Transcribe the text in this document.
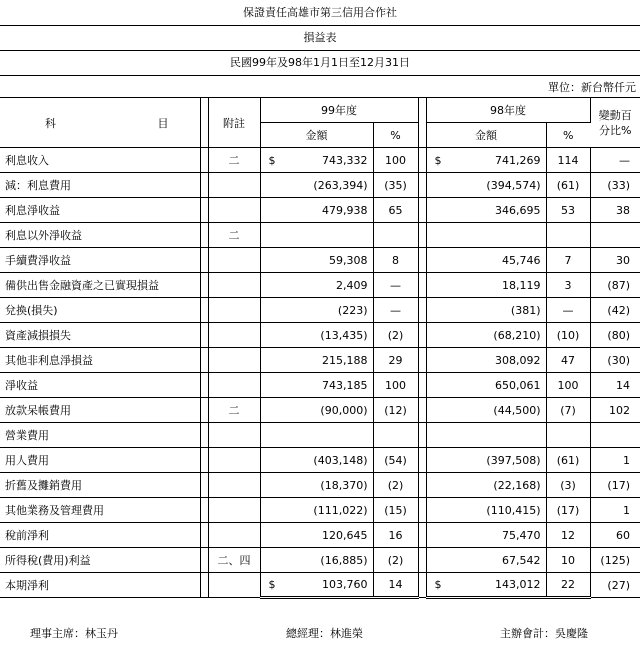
保證責任高雄市第三信用合作社
損益表
民國99年及98年1月1日至12月31日
單位：新台幣仟元
科 目		附註	99年度			98年度		變動百分比%
			金額	%		金額	%	
利息收入		二	$ 743,332	100		$ 741,269	114	—
減：利息費用			(263,394)	(35)		(394,574)	(61)	(33)
利息淨收益			479,938	65		346,695	53	38
利息以外淨收益		二						
手續費淨收益			59,308	8		45,746	7	30
備供出售金融資產之已實現損益			2,409	—		18,119	3	(87)
兌換(損失)			(223)	—		(381)	—	(42)
資產減損損失			(13,435)	(2)		(68,210)	(10)	(80)
其他非利息淨損益			215,188	29		308,092	47	(30)
淨收益			743,185	100		650,061	100	14
放款呆帳費用		二	(90,000)	(12)		(44,500)	(7)	102
營業費用								
用人費用			(403,148)	(54)		(397,508)	(61)	1
折舊及攤銷費用			(18,370)	(2)		(22,168)	(3)	(17)
其他業務及管理費用			(111,022)	(15)		(110,415)	(17)	1
稅前淨利			120,645	16		75,470	12	60
所得稅(費用)利益		二、四	(16,885)	(2)		67,542	10	(125)
本期淨利			$ 103,760	14		$ 143,012	22	(27)
理事主席：林玉丹	總經理：林進榮	主辦會計：吳慶隆
